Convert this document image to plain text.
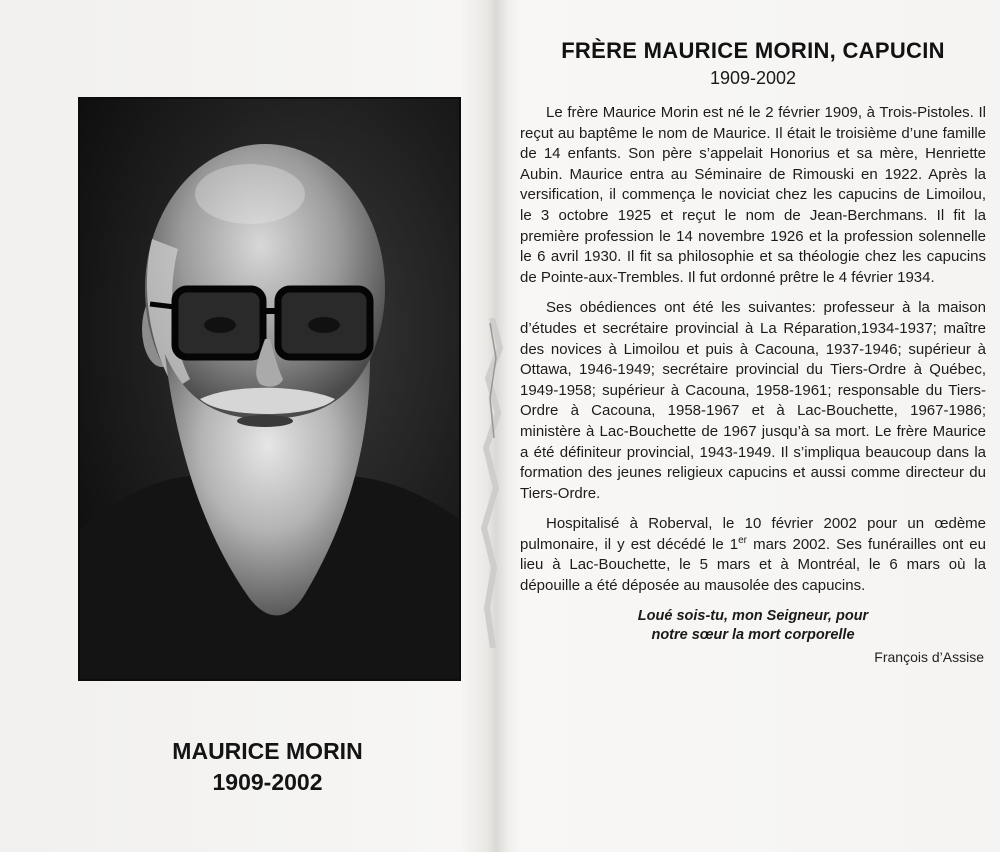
MAURICE MORIN
1909-2002
FRÈRE MAURICE MORIN, CAPUCIN
1909-2002

Le frère Maurice Morin est né le 2 février 1909, à Trois-Pistoles. Il reçut au baptême le nom de Maurice. Il était le troisième d’une famille de 14 enfants. Son père s’appelait Honorius et sa mère, Henriette Aubin. Maurice entra au Séminaire de Rimouski en 1922. Après la versification, il commença le noviciat chez les capucins de Limoilou, le 3 octobre 1925 et reçut le nom de Jean-Berchmans. Il fit la première profession le 14 novembre 1926 et la profession solennelle le 6 avril 1930. Il fit sa philosophie et sa théologie chez les capucins de Pointe-aux-Trembles. Il fut ordonné prêtre le 4 février 1934.

Ses obédiences ont été les suivantes: professeur à la maison d’études et secrétaire provincial à La Réparation,1934-1937; maître des novices à Limoilou et puis à Cacouna, 1937-1946; supérieur à Ottawa, 1946-1949; secrétaire provincial du Tiers-Ordre à Québec, 1949-1958; supérieur à Cacouna, 1958-1961; responsable du Tiers-Ordre à Cacouna, 1958-1967 et à Lac-Bouchette, 1967-1986; ministère à Lac-Bouchette de 1967 jusqu’à sa mort. Le frère Maurice a été définiteur provincial, 1943-1949. Il s’impliqua beaucoup dans la formation des jeunes religieux capucins et aussi comme directeur du Tiers-Ordre.

Hospitalisé à Roberval, le 10 février 2002 pour un œdème pulmonaire, il y est décédé le 1er mars 2002. Ses funérailles ont eu lieu à Lac-Bouchette, le 5 mars et à Montréal, le 6 mars où la dépouille a été déposée au mausolée des capucins.

Loué sois-tu, mon Seigneur, pour
notre sœur la mort corporelle
François d’Assise
